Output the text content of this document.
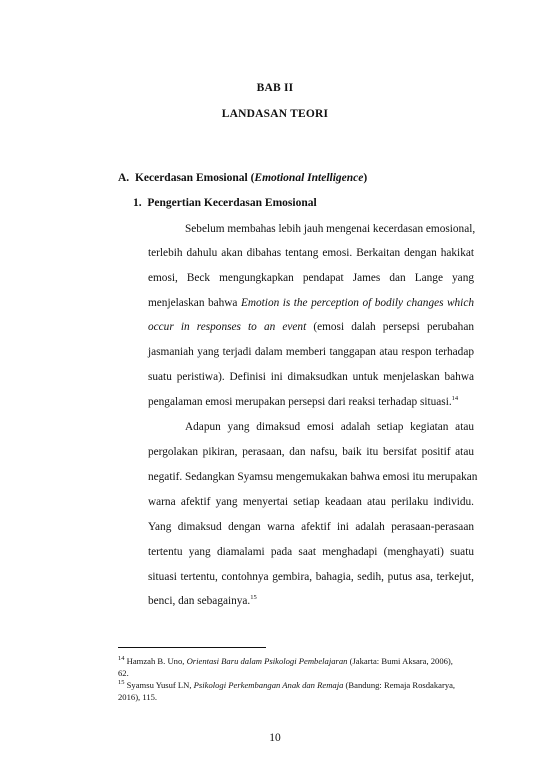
BAB II
LANDASAN TEORI
A. Kecerdasan Emosional (Emotional Intelligence)
1. Pengertian Kecerdasan Emosional
Sebelum membahas lebih jauh mengenai kecerdasan emosional,
terlebih dahulu akan dibahas tentang emosi. Berkaitan dengan hakikat
emosi, Beck mengungkapkan pendapat James dan Lange yang
menjelaskan bahwa Emotion is the perception of bodily changes which
occur in responses to an event (emosi dalah persepsi perubahan
jasmaniah yang terjadi dalam memberi tanggapan atau respon terhadap
suatu peristiwa). Definisi ini dimaksudkan untuk menjelaskan bahwa
pengalaman emosi merupakan persepsi dari reaksi terhadap situasi.$^{14}$
Adapun yang dimaksud emosi adalah setiap kegiatan atau
pergolakan pikiran, perasaan, dan nafsu, baik itu bersifat positif atau
negatif. Sedangkan Syamsu mengemukakan bahwa emosi itu merupakan
warna afektif yang menyertai setiap keadaan atau perilaku individu.
Yang dimaksud dengan warna afektif ini adalah perasaan-perasaan
tertentu yang diamalami pada saat menghadapi (menghayati) suatu
situasi tertentu, contohnya gembira, bahagia, sedih, putus asa, terkejut,
benci, dan sebagainya.$^{15}$
$^{14}$ Hamzah B. Uno, Orientasi Baru dalam Psikologi Pembelajaran (Jakarta: Bumi Aksara, 2006),
62.
$^{15}$ Syamsu Yusuf LN, Psikologi Perkembangan Anak dan Remaja (Bandung: Remaja Rosdakarya,
2016), 115.
10
